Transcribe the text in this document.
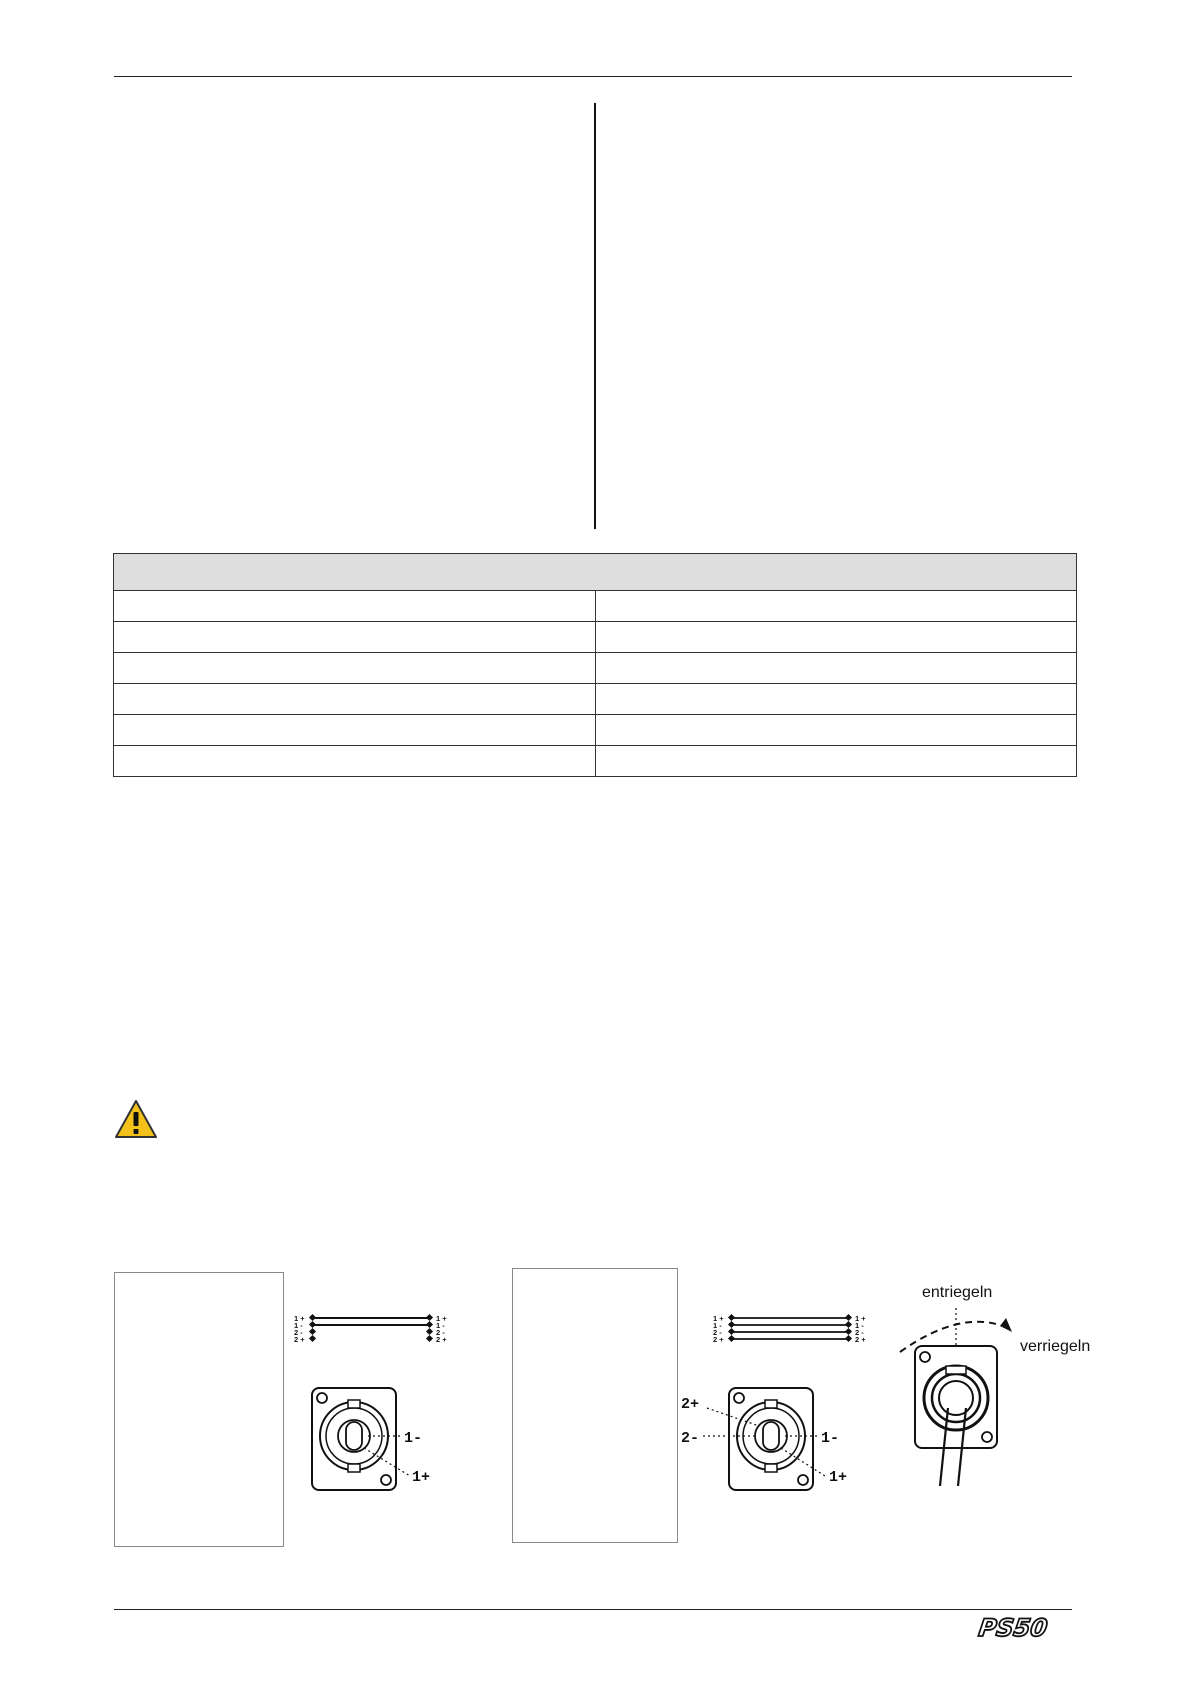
1 +
1 -
2 -
2 +
1 +
1 -
2 -
2 +
1 +
1 -
2 -
2 +
1 +
1 -
2 -
2 +
1-
1+
2+
2-	1-
1+
entriegeln
verriegeln
PS50
